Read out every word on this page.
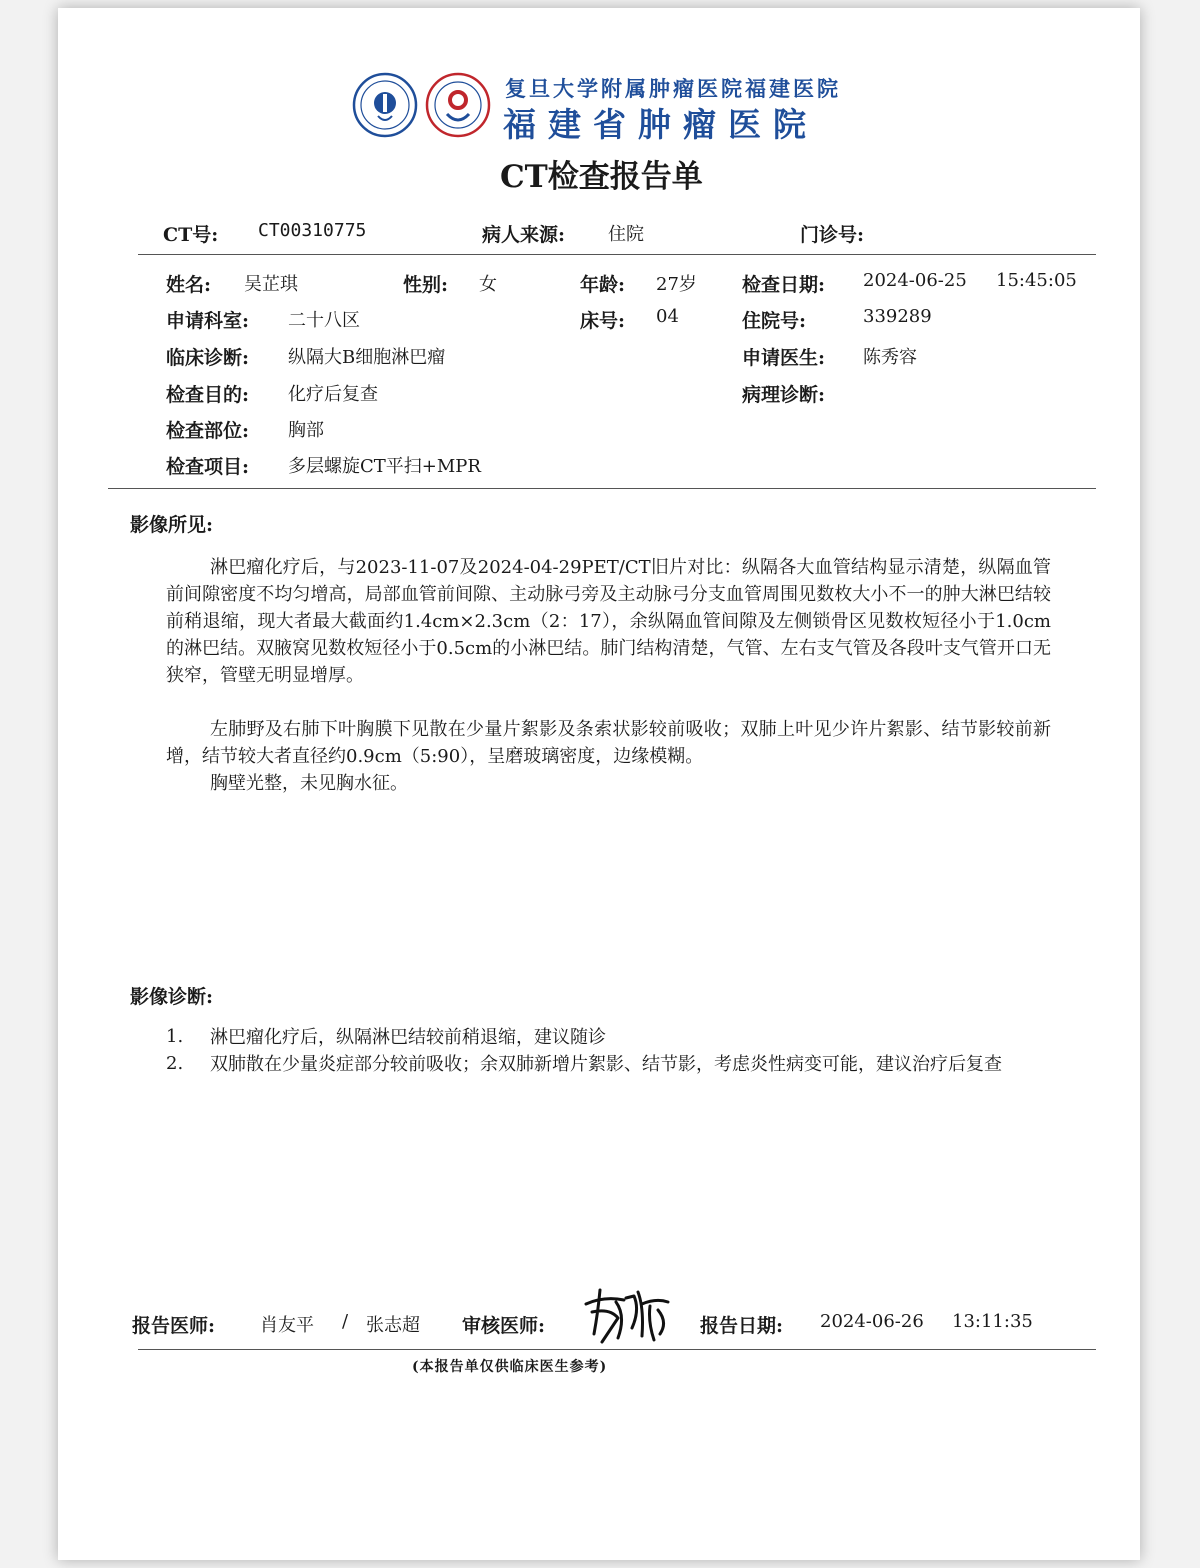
复旦大学附属肿瘤医院福建医院
福建省肿瘤医院
CT检查报告单
CT号: CT00310775	病人来源: 住院	门诊号:
姓名: 吴芷琪	性别: 女	年龄: 27岁 检查日期: 2024-06-25 15:45:05
申请科室: 二十八区	床号: 04	住院号:	339289
临床诊断: 纵隔大B细胞淋巴瘤	申请医生: 陈秀容
检查目的: 化疗后复查	病理诊断:
检查部位: 胸部
检查项目: 多层螺旋CT平扫+MPR
影像所见:
淋巴瘤化疗后，与2023-11-07及2024-04-29PET/CT旧片对比：纵隔各大血管结构显示清楚，纵隔血管前间隙密度不均匀增高，局部血管前间隙、主动脉弓旁及主动脉弓分支血管周围见数枚大小不一的肿大淋巴结较前稍退缩，现大者最大截面约1.4cm×2.3cm（2：17），余纵隔血管间隙及左侧锁骨区见数枚短径小于1.0cm的淋巴结。双腋窝见数枚短径小于0.5cm的小淋巴结。肺门结构清楚，气管、左右支气管及各段叶支气管开口无狭窄，管壁无明显增厚。
左肺野及右肺下叶胸膜下见散在少量片絮影及条索状影较前吸收；双肺上叶见少许片絮影、结节影较前新增，结节较大者直径约0.9cm（5:90），呈磨玻璃密度，边缘模糊。
胸壁光整，未见胸水征。
影像诊断:
1. 淋巴瘤化疗后，纵隔淋巴结较前稍退缩，建议随诊
2. 双肺散在少量炎症部分较前吸收；余双肺新增片絮影、结节影，考虑炎性病变可能，建议治疗后复查
报告医师: 肖友平 / 张志超 审核医师:	报告日期: 2024-06-26 13:11:35
(本报告单仅供临床医生参考)
